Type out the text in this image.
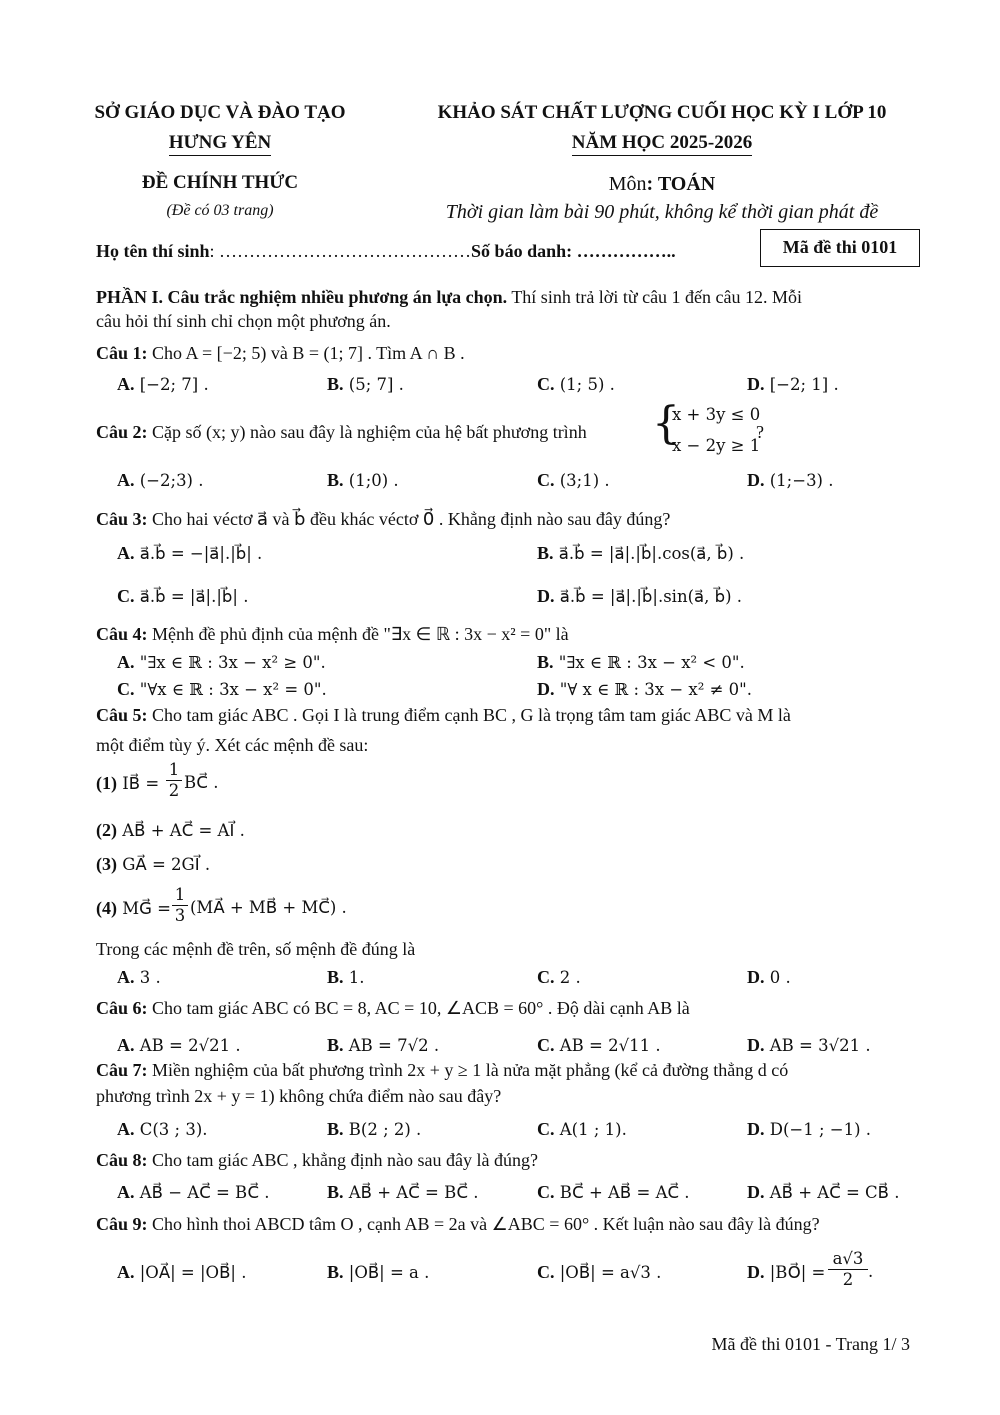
SỞ GIÁO DỤC VÀ ĐÀO TẠO
HƯNG YÊN
ĐỀ CHÍNH THỨC
(Đề có 03 trang)
KHẢO SÁT CHẤT LƯỢNG CUỐI HỌC KỲ I LỚP 10
NĂM HỌC 2025-2026
Môn: TOÁN
Thời gian làm bài 90 phút, không kể thời gian phát đề
Họ tên thí sinh: ……………………………………Số báo danh: ……………..	Mã đề thi 0101
PHẦN I. Câu trắc nghiệm nhiều phương án lựa chọn. Thí sinh trả lời từ câu 1 đến câu 12. Mỗi
câu hỏi thí sinh chỉ chọn một phương án.
Câu 1: Cho A = [−2; 5) và B = (1; 7] . Tìm A ∩ B .
A. [−2; 7] .	B. (5; 7] .	C. (1; 5) .	D. [−2; 1] .
Câu 2: Cặp số (x; y) nào sau đây là nghiệm của hệ bất phương trình {
x + 3y ≤ 0
x − 2y ≥ 1
?
A. (−2;3) .	B. (1;0) .	C. (3;1) .	D. (1;−3) .
Câu 3: Cho hai véctơ a⃗ và b⃗ đều khác véctơ 0⃗ . Khẳng định nào sau đây đúng?
A. a⃗.b⃗ = −|a⃗|.|b⃗| .	B. a⃗.b⃗ = |a⃗|.|b⃗|.cos(a⃗, b⃗) .
C. a⃗.b⃗ = |a⃗|.|b⃗| .	D. a⃗.b⃗ = |a⃗|.|b⃗|.sin(a⃗, b⃗) .
Câu 4: Mệnh đề phủ định của mệnh đề "∃x ∈ ℝ : 3x − x² = 0" là
A. "∃x ∈ ℝ : 3x − x² ≥ 0".	B. "∃x ∈ ℝ : 3x − x² < 0".
C. "∀x ∈ ℝ : 3x − x² = 0".	D. "∀ x ∈ ℝ : 3x − x² ≠ 0".
Câu 5: Cho tam giác ABC . Gọi I là trung điểm cạnh BC , G là trọng tâm tam giác ABC và M là
một điểm tùy ý. Xét các mệnh đề sau:
(1) IB⃗ = $\frac{1}{2}$ BC⃗ .
(2) AB⃗ + AC⃗ = AI⃗ .
(3) GA⃗ = 2GI⃗ .
(4) MG⃗ = $\frac{1}{3}$ (MA⃗ + MB⃗ + MC⃗) .
Trong các mệnh đề trên, số mệnh đề đúng là
A. 3 .	B. 1.	C. 2 .	D. 0 .
Câu 6: Cho tam giác ABC có BC = 8, AC = 10, ∠ACB = 60° . Độ dài cạnh AB là
A. AB = 2√21 .	B. AB = 7√2 .	C. AB = 2√11 .	D. AB = 3√21 .
Câu 7: Miền nghiệm của bất phương trình 2x + y ≥ 1 là nửa mặt phẳng (kể cả đường thẳng d có
phương trình 2x + y = 1) không chứa điểm nào sau đây?
A. C(3 ; 3).	B. B(2 ; 2) .	C. A(1 ; 1).	D. D(−1 ; −1) .
Câu 8: Cho tam giác ABC , khẳng định nào sau đây là đúng?
A. AB⃗ − AC⃗ = BC⃗ .	B. AB⃗ + AC⃗ = BC⃗ .	C. BC⃗ + AB⃗ = AC⃗ .	D. AB⃗ + AC⃗ = CB⃗ .
Câu 9: Cho hình thoi ABCD tâm O , cạnh AB = 2a và ∠ABC = 60° . Kết luận nào sau đây là đúng?
A. |OA⃗| = |OB⃗| .	B. |OB⃗| = a .	C. |OB⃗| = a√3 .	D. |BO⃗| = $\frac{a√3}{2}$ .
Mã đề thi 0101 - Trang 1/ 3
